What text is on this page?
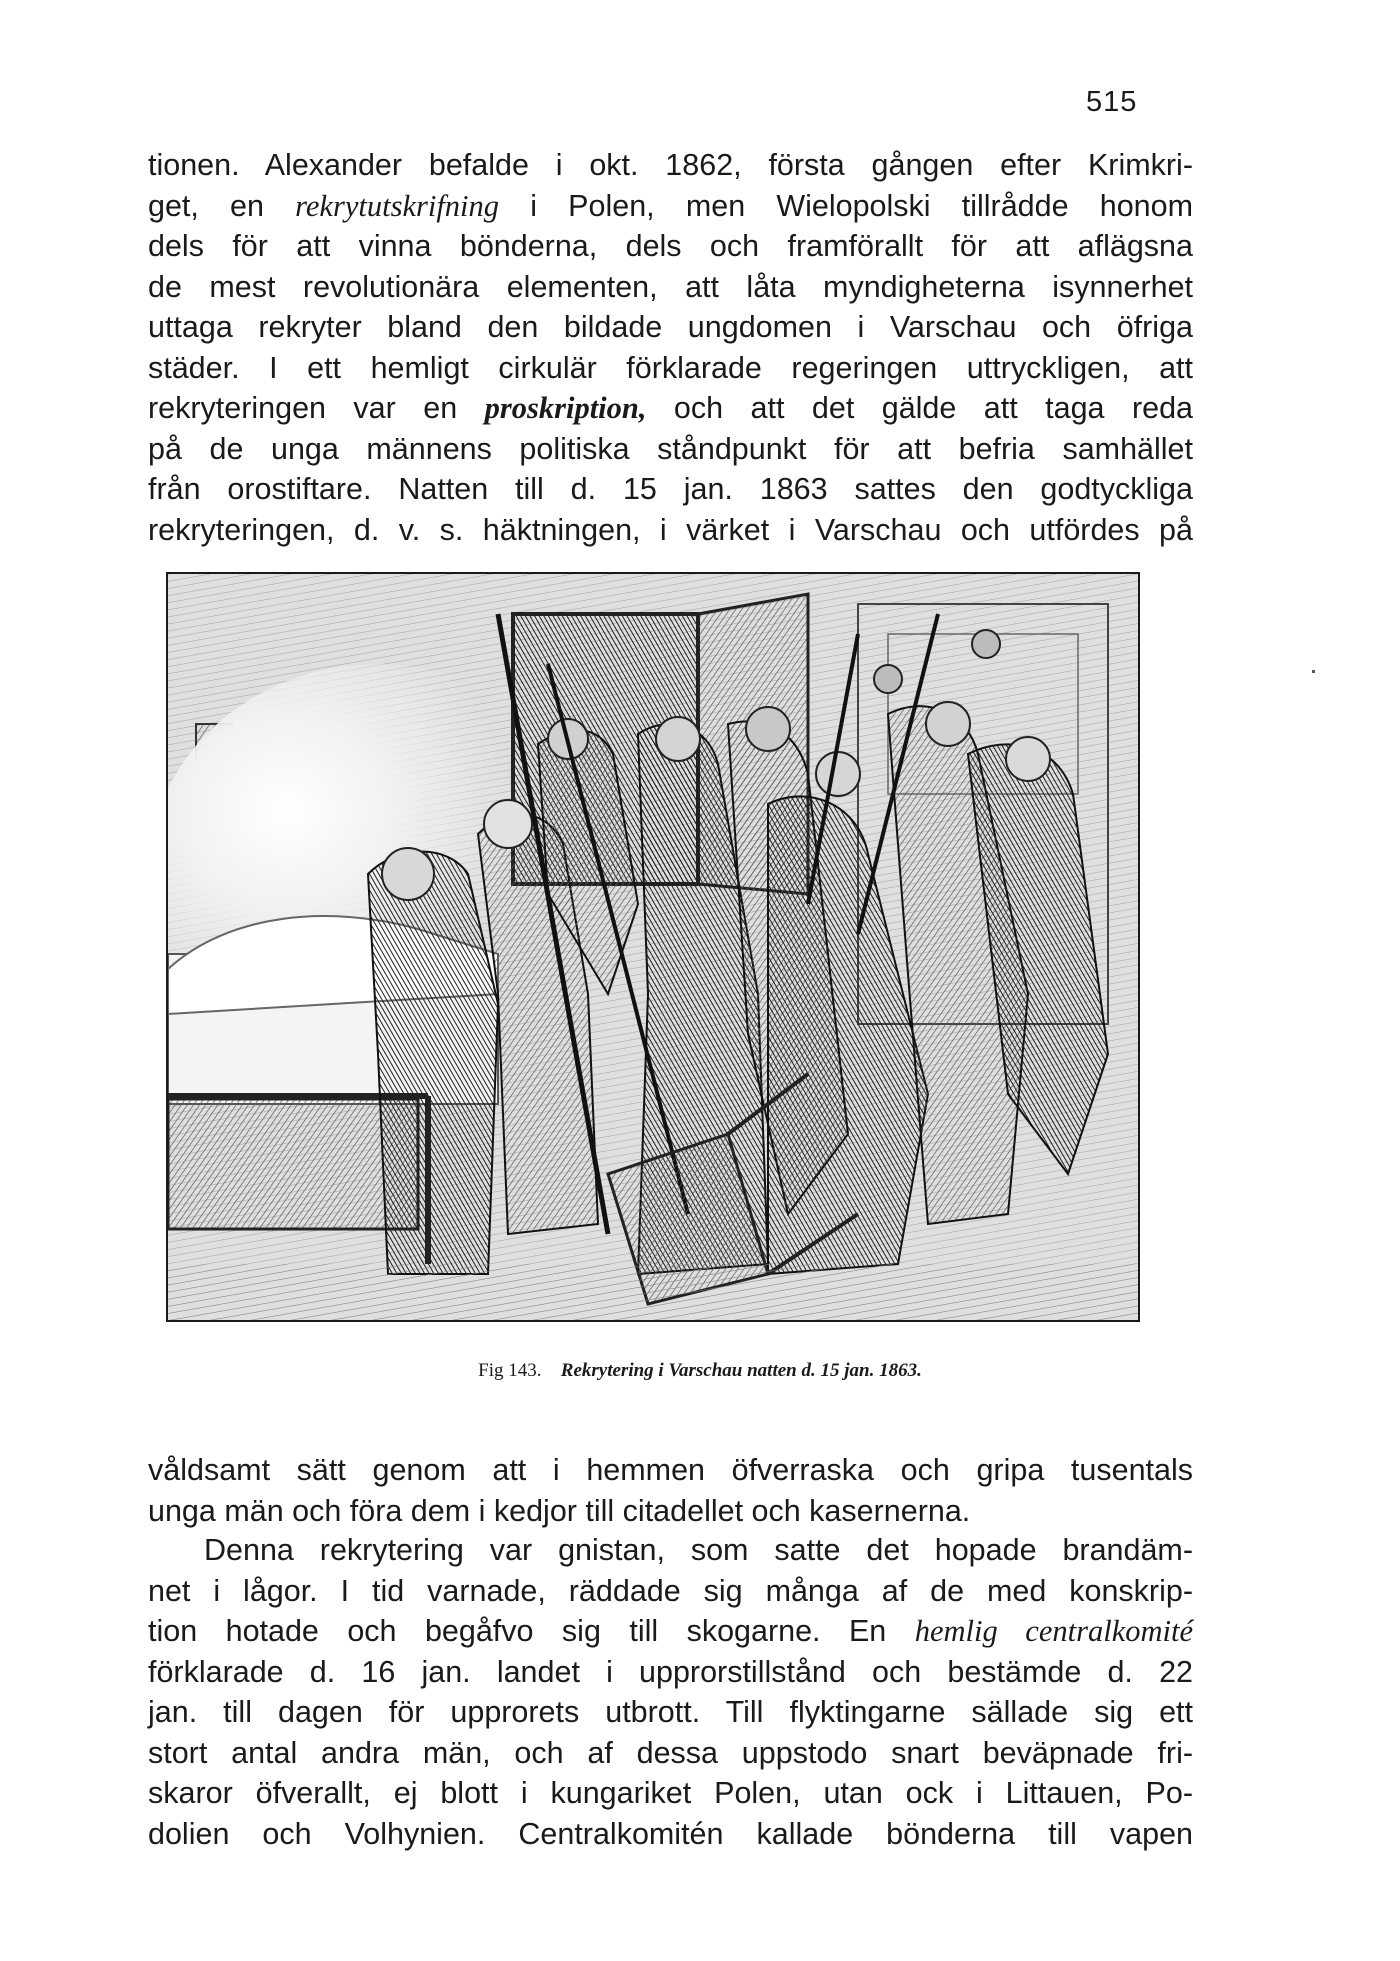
515
tionen. Alexander befalde i okt. 1862, första gången efter Krimkri-
get, en rekrytutskrifning i Polen, men Wielopolski tillrådde honom
dels för att vinna bönderna, dels och framförallt för att aflägsna
de mest revolutionära elementen, att låta myndigheterna isynnerhet
uttaga rekryter bland den bildade ungdomen i Varschau och öfriga
städer. I ett hemligt cirkulär förklarade regeringen uttryckligen, att
rekryteringen var en proskription, och att det gälde att taga reda
på de unga männens politiska ståndpunkt för att befria samhället
från orostiftare. Natten till d. 15 jan. 1863 sattes den godtyckliga
rekryteringen, d. v. s. häktningen, i värket i Varschau och utfördes på
Fig 143. Rekrytering i Varschau natten d. 15 jan. 1863.
våldsamt sätt genom att i hemmen öfverraska och gripa tusentals
unga män och föra dem i kedjor till citadellet och kasernerna.
Denna rekrytering var gnistan, som satte det hopade brandäm-
net i lågor. I tid varnade, räddade sig många af de med konskrip-
tion hotade och begåfvo sig till skogarne. En hemlig centralkomité
förklarade d. 16 jan. landet i upprorstillstånd och bestämde d. 22
jan. till dagen för upprorets utbrott. Till flyktingarne sällade sig ett
stort antal andra män, och af dessa uppstodo snart beväpnade fri-
skaror öfverallt, ej blott i kungariket Polen, utan ock i Littauen, Po-
dolien och Volhynien. Centralkomitén kallade bönderna till vapen
